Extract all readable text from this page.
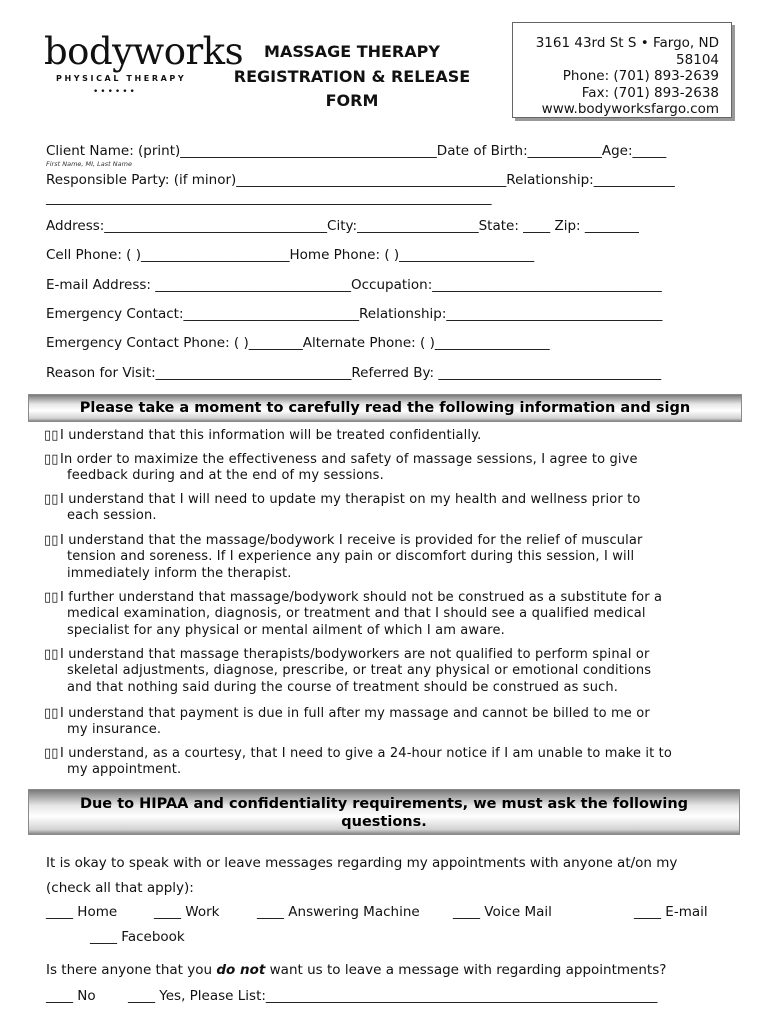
bodyworks
PHYSICAL THERAPY
••••••
MASSAGE THERAPY
REGISTRATION & RELEASE
FORM
3161 43rd St S • Fargo, ND
58104
Phone: (701) 893-2639
Fax: (701) 893-2638
www.bodyworksfargo.com
Client Name: (print)______________________________________Date of Birth:___________Age:_____
First Name, MI, Last Name
Responsible Party: (if minor)________________________________________Relationship:____________
__________________________________________________________________
Address:_________________________________City:__________________State: ____ Zip: ________
Cell Phone: ( )______________________Home Phone: ( )____________________
E-mail Address: _____________________________Occupation:__________________________________
Emergency Contact:__________________________Relationship:________________________________
Emergency Contact Phone: ( )________Alternate Phone: ( )_________________
Reason for Visit:_____________________________Referred By: _________________________________
Please take a moment to carefully read the following information and sign
▯▯I understand that this information will be treated confidentially.
▯▯In order to maximize the effectiveness and safety of massage sessions, I agree to give
feedback during and at the end of my sessions.
▯▯I understand that I will need to update my therapist on my health and wellness prior to
each session.
▯▯I understand that the massage/bodywork I receive is provided for the relief of muscular
tension and soreness. If I experience any pain or discomfort during this session, I will
immediately inform the therapist.
▯▯I further understand that massage/bodywork should not be construed as a substitute for a
medical examination, diagnosis, or treatment and that I should see a qualified medical
specialist for any physical or mental ailment of which I am aware.
▯▯I understand that massage therapists/bodyworkers are not qualified to perform spinal or
skeletal adjustments, diagnose, prescribe, or treat any physical or emotional conditions
and that nothing said during the course of treatment should be construed as such.
▯▯I understand that payment is due in full after my massage and cannot be billed to me or
my insurance.
▯▯I understand, as a courtesy, that I need to give a 24-hour notice if I am unable to make it to
my appointment.
Due to HIPAA and confidentiality requirements, we must ask the following
questions.
It is okay to speak with or leave messages regarding my appointments with anyone at/on my
(check all that apply):
____ Home	____ Work	____ Answering Machine ____ Voice Mail	____ E-mail
____ Facebook
Is there anyone that you do not want us to leave a message with regarding appointments?
____ No ____ Yes, Please List:__________________________________________________________
